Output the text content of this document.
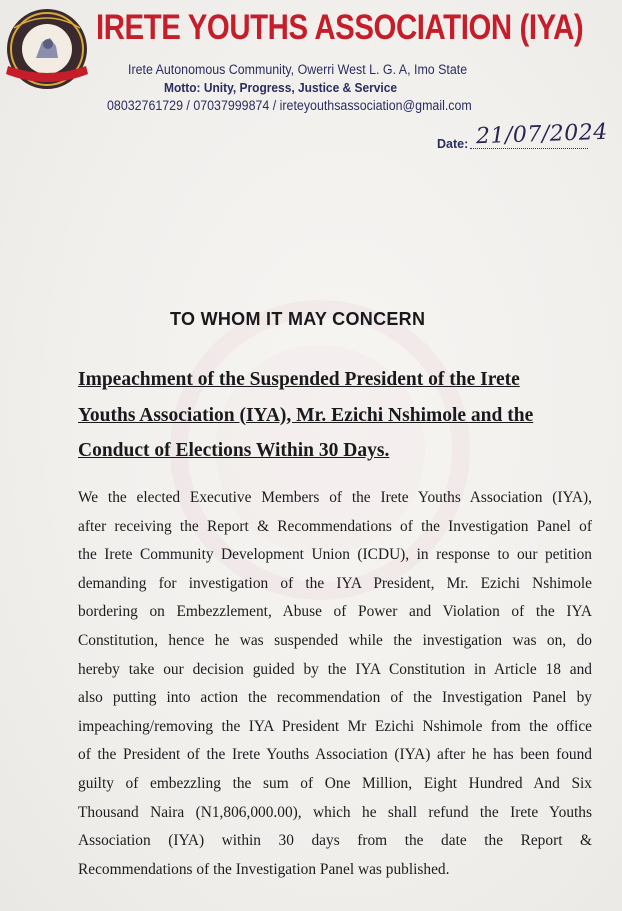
IRETE YOUTHS ASSOCIATION (IYA)
Irete Autonomous Community, Owerri West L. G. A, Imo State
Motto: Unity, Progress, Justice & Service
08032761729 / 07037999874 / ireteyouthsassociation@gmail.com
Date: 21/07/2024
TO WHOM IT MAY CONCERN
Impeachment of the Suspended President of the Irete
Youths Association (IYA), Mr. Ezichi Nshimole and the
Conduct of Elections Within 30 Days.
We the elected Executive Members of the Irete Youths Association (IYA),
after receiving the Report & Recommendations of the Investigation Panel of
the Irete Community Development Union (ICDU), in response to our petition
demanding for investigation of the IYA President, Mr. Ezichi Nshimole
bordering on Embezzlement, Abuse of Power and Violation of the IYA
Constitution, hence he was suspended while the investigation was on, do
hereby take our decision guided by the IYA Constitution in Article 18 and
also putting into action the recommendation of the Investigation Panel by
impeaching/removing the IYA President Mr Ezichi Nshimole from the office
of the President of the Irete Youths Association (IYA) after he has been found
guilty of embezzling the sum of One Million, Eight Hundred And Six
Thousand Naira (N1,806,000.00), which he shall refund the Irete Youths
Association (IYA) within 30 days from the date the Report &
Recommendations of the Investigation Panel was published.
